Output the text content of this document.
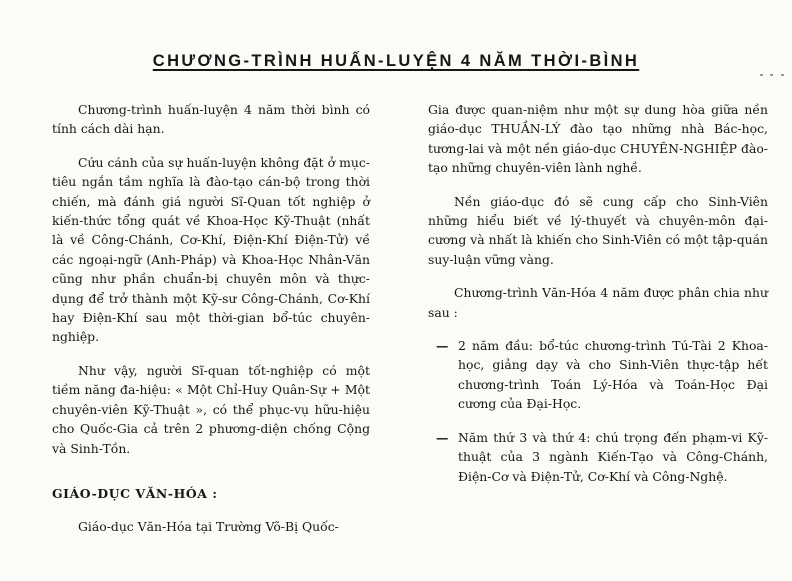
CHƯƠNG-TRÌNH HUẤN-LUYỆN 4 NĂM THỜI-BÌNH

Chương-trình huấn-luyện 4 năm thời bình có tính cách dài hạn.

Cứu cánh của sự huấn-luyện không đặt ở mục-tiêu ngắn tầm nghĩa là đào-tạo cán-bộ trong thời chiến, mà đánh giá người Sĩ-Quan tốt nghiệp ở kiến-thức tổng quát về Khoa-Học Kỹ-Thuật (nhất là về Công-Chánh, Cơ-Khí, Điện-Khí Điện-Tử) về các ngoại-ngữ (Anh-Pháp) và Khoa-Học Nhân-Văn cũng như phần chuẩn-bị chuyên môn và thực-dụng để trở thành một Kỹ-sư Công-Chánh, Cơ-Khí hay Điện-Khí sau một thời-gian bổ-túc chuyên-nghiệp.

Như vậy, người Sĩ-quan tốt-nghiệp có một tiềm năng đa-hiệu: « Một Chỉ-Huy Quân-Sự + Một chuyên-viên Kỹ-Thuật », có thể phục-vụ hữu-hiệu cho Quốc-Gia cả trên 2 phương-diện chống Cộng và Sinh-Tồn.

GIÁO-DỤC VĂN-HÓA :

Giáo-dục Văn-Hóa tại Trường Võ-Bị Quốc-

Gia được quan-niệm như một sự dung hòa giữa nền giáo-dục THUẦN-LÝ đào tạo những nhà Bác-học, tương-lai và một nền giáo-dục CHUYÊN-NGHIỆP đào-tạo những chuyên-viên lành nghề.

Nền giáo-dục đó sẽ cung cấp cho Sinh-Viên những hiểu biết về lý-thuyết và chuyên-môn đại-cương và nhất là khiến cho Sinh-Viên có một tập-quán suy-luận vững vàng.

Chương-trình Văn-Hóa 4 năm được phân chia như sau :

— 2 năm đầu: bổ-túc chương-trình Tú-Tài 2 Khoa-học, giảng dạy và cho Sinh-Viên thực-tập hết chương-trình Toán Lý-Hóa và Toán-Học Đại cương của Đại-Học.

— Năm thứ 3 và thứ 4: chú trọng đến phạm-vi Kỹ-thuật của 3 ngành Kiến-Tạo và Công-Chánh, Điện-Cơ và Điện-Tử, Cơ-Khí và Công-Nghệ.
